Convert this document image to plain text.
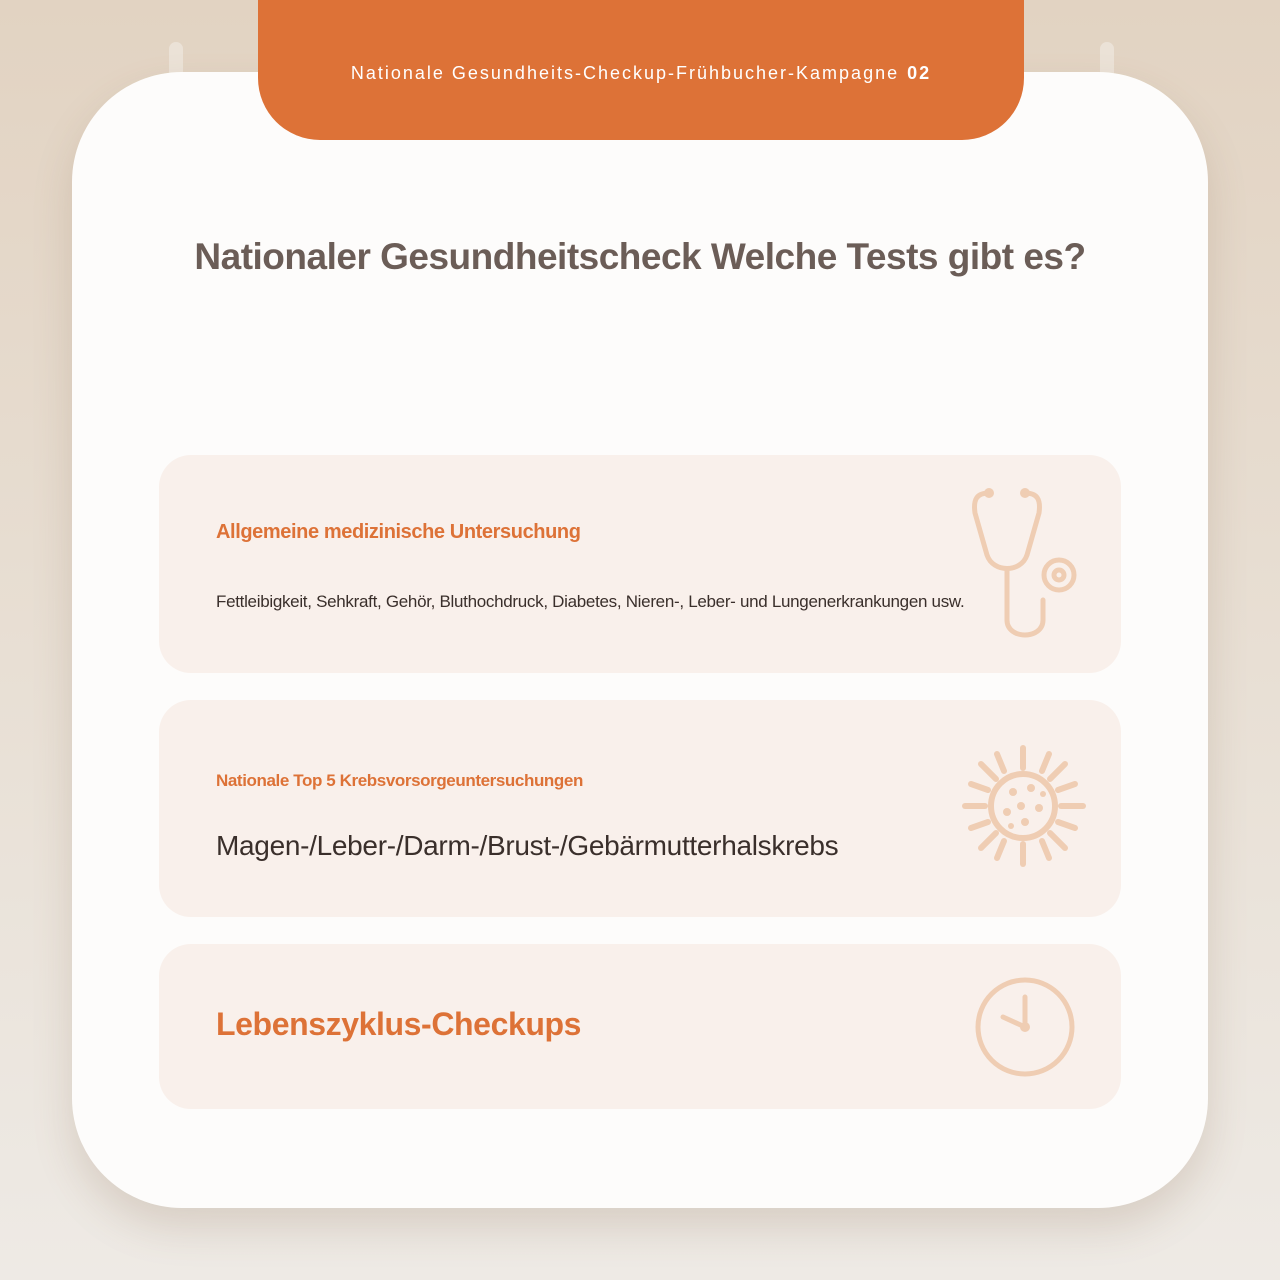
Nationale Gesundheits-Checkup-Frühbucher-Kampagne 02
Nationaler Gesundheitscheck Welche Tests gibt es?
Allgemeine medizinische Untersuchung
Fettleibigkeit, Sehkraft, Gehör, Bluthochdruck, Diabetes, Nieren-, Leber- und Lungenerkrankungen usw.
Nationale Top 5 Krebsvorsorgeuntersuchungen
Magen-/Leber-/Darm-/Brust-/Gebärmutterhalskrebs
Lebenszyklus-Checkups
